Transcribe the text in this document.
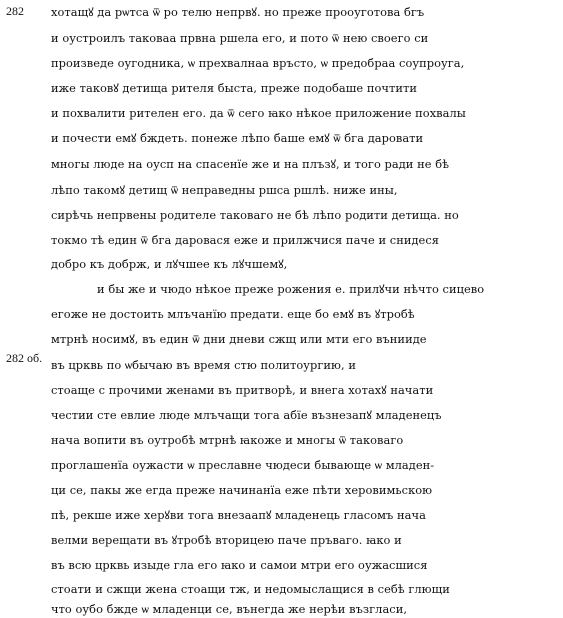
282
282 об.
хотащꙋ да рѡтса ѿ ро телю непрвꙋ. но преже прооуготова бгъ
и оустроилъ таковаа првна ршела его, и пото ѿ нею своего си
произведе оугодника, ѡ прехвалнаа връсто, ѡ предобраа соупроуга,
иже таковꙋ детища рителя быста, преже подобаше почтити
и похвалити рителен его. да ѿ сего ꙗко нѣкое приложение похвалы
и почести емꙋ бждеть. понеже лѣпо баше емꙋ ѿ бга даровати
многы люде на оусп на спасенїе же и на плъзꙋ, и того ради не бѣ
лѣпо такомꙋ детищ ѿ неправедны ршса ршлѣ. ниже ины,
сирѣчь непрвены родителе таковаго не бѣ лѣпо родити детища. но
токмо тѣ един ѿ бга даровася еже и прилжчися паче и снидеся
добро къ добрж, и лꙋчшее къ лꙋчшемꙋ,
и бы же и чюдо нѣкое преже рожения е. прилꙋчи нѣчто сицево
егоже не достоить млъчанїю предати. еще бо емꙋ въ ꙋтробѣ
мтрнѣ носимꙋ, въ един ѿ дни дневи сжщ или мти его вънииде
въ црквь по ѡбычаю въ время стю политоургию, и
стоаще с прочими женами въ притворѣ, и внега хотахꙋ начати
честии сте евлие люде млъчащи тога абїе възнезапꙋ младенецъ
нача вопити въ оутробѣ мтрнѣ ꙗкоже и многы ѿ таковаго
проглашенїа оужасти ѡ преславне чюдеси бывающе ѡ младен-
ци се, пакы же егда преже начинанїа еже пѣти херовимьскою
пѣ, рекше иже херꙋви тога внезаапꙋ младенець гласомъ нача
велми верещати въ ꙋтробѣ вторицею паче пръваго. ꙗко и
въ всю црквь изыде гла его ꙗко и самои мтри его оужасшися
стоати и сжщи жена стоащи тж, и недомыслащися в себѣ глющи
что оубо бжде ѡ младенци се, вънегда же нерѣи възгласи,
